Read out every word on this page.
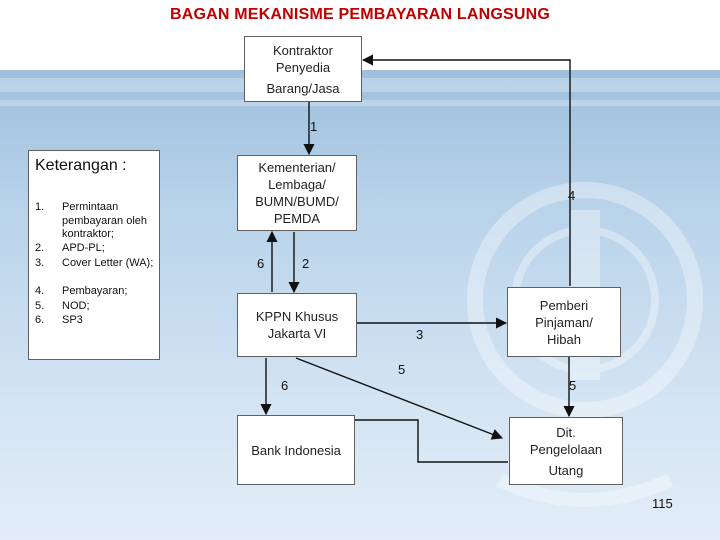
BAGAN MEKANISME PEMBAYARAN LANGSUNG
Kontraktor
Penyedia
Barang/Jasa
Kementerian/
Lembaga/
BUMN/BUMD/
PEMDA
KPPN Khusus
Jakarta VI
Pemberi
Pinjaman/
Hibah
Bank Indonesia
Dit.
Pengelolaan
Utang
1
4
6	2
3
5
6	5
Keterangan :
1. Permintaan pembayaran oleh kontraktor;
2. APD-PL;
3. Cover Letter (WA);
4. Pembayaran;
5. NOD;
6. SP3
115
